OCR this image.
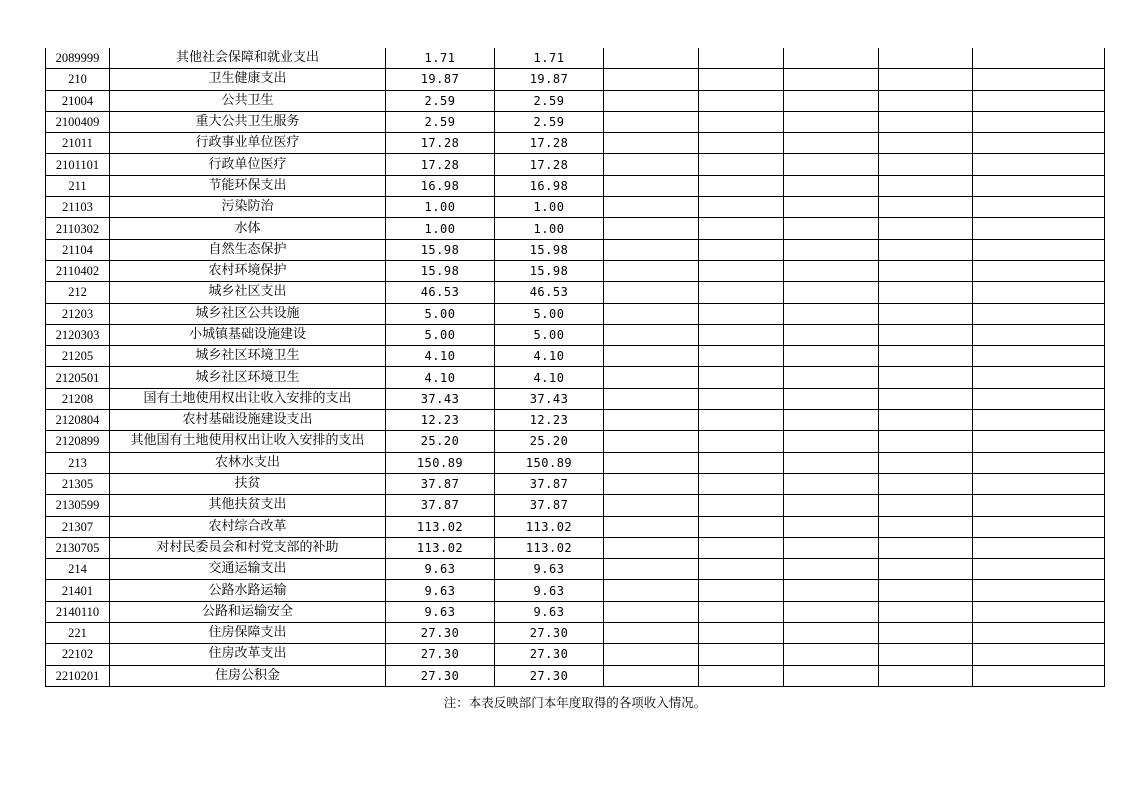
2089999	其他社会保障和就业支出	1.71	1.71					
210	卫生健康支出	19.87	19.87					
21004	公共卫生	2.59	2.59					
2100409	重大公共卫生服务	2.59	2.59					
21011	行政事业单位医疗	17.28	17.28					
2101101	行政单位医疗	17.28	17.28					
211	节能环保支出	16.98	16.98					
21103	污染防治	1.00	1.00					
2110302	水体	1.00	1.00					
21104	自然生态保护	15.98	15.98					
2110402	农村环境保护	15.98	15.98					
212	城乡社区支出	46.53	46.53					
21203	城乡社区公共设施	5.00	5.00					
2120303	小城镇基础设施建设	5.00	5.00					
21205	城乡社区环境卫生	4.10	4.10					
2120501	城乡社区环境卫生	4.10	4.10					
21208	国有土地使用权出让收入安排的支出	37.43	37.43					
2120804	农村基础设施建设支出	12.23	12.23					
2120899	其他国有土地使用权出让收入安排的支出	25.20	25.20					
213	农林水支出	150.89	150.89					
21305	扶贫	37.87	37.87					
2130599	其他扶贫支出	37.87	37.87					
21307	农村综合改革	113.02	113.02					
2130705	对村民委员会和村党支部的补助	113.02	113.02					
214	交通运输支出	9.63	9.63					
21401	公路水路运输	9.63	9.63					
2140110	公路和运输安全	9.63	9.63					
221	住房保障支出	27.30	27.30					
22102	住房改革支出	27.30	27.30					
2210201	住房公积金	27.30	27.30					
注：本表反映部门本年度取得的各项收入情况。
